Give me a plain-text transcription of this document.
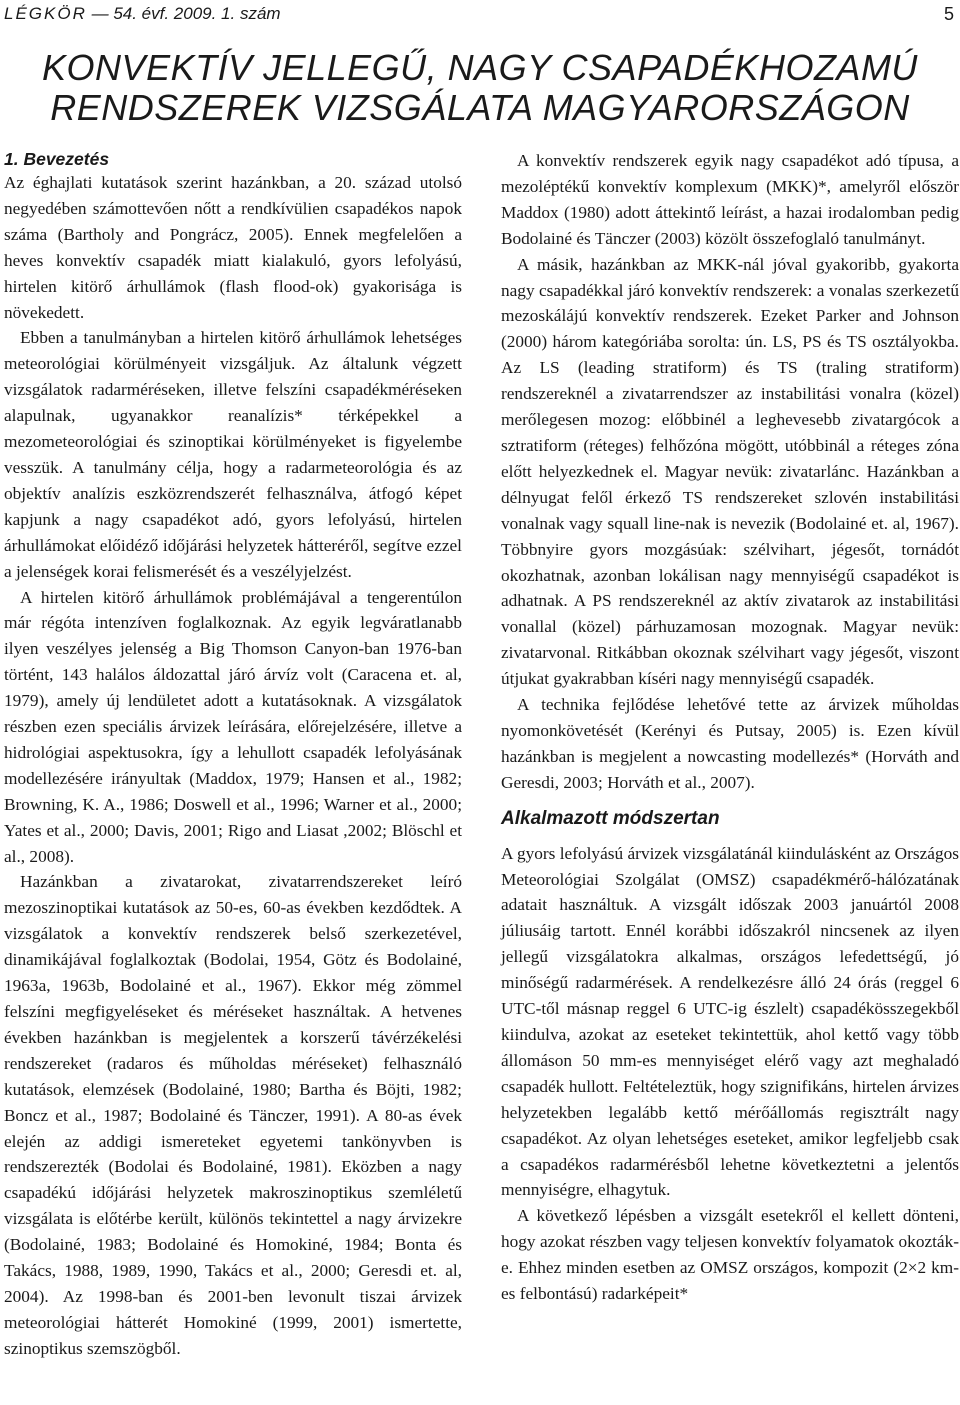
LÉGKÖR — 54. évf. 2009. 1. szám	5
KONVEKTÍV JELLEGŰ, NAGY CSAPADÉKHOZAMÚ
RENDSZEREK VIZSGÁLATA MAGYARORSZÁGON
1. Bevezetés

Az éghajlati kutatások szerint hazánkban, a 20. század utolsó negyedében számottevően nőtt a rendkívülien csapadékos napok száma (Bartholy and Pongrácz, 2005). Ennek megfelelően a heves konvektív csapadék miatt kialakuló, gyors lefolyású, hirtelen kitörő árhullámok (flash flood-ok) gyakorisága is növekedett.

Ebben a tanulmányban a hirtelen kitörő árhullámok lehetséges meteorológiai körülményeit vizsgáljuk. Az általunk végzett vizsgálatok radarméréseken, illetve felszíni csapadékméréseken alapulnak, ugyanakkor reanalízis* térképekkel a mezometeorológiai és szinoptikai körülményeket is figyelembe vesszük. A tanulmány célja, hogy a radarmeteorológia és az objektív analízis eszközrendszerét felhasználva, átfogó képet kapjunk a nagy csapadékot adó, gyors lefolyású, hirtelen árhullámokat előidéző időjárási helyzetek hátteréről, segítve ezzel a jelenségek korai felismerését és a veszélyjelzést.

A hirtelen kitörő árhullámok problémájával a tengerentúlon már régóta intenzíven foglalkoznak. Az egyik legváratlanabb ilyen veszélyes jelenség a Big Thomson Canyon-ban 1976-ban történt, 143 halálos áldozattal járó árvíz volt (Caracena et. al, 1979), amely új lendületet adott a kutatásoknak. A vizsgálatok részben ezen speciális árvizek leírására, előrejelzésére, illetve a hidrológiai aspektusokra, így a lehullott csapadék lefolyásának modellezésére irányultak (Maddox, 1979; Hansen et al., 1982; Browning, K. A., 1986; Doswell et al., 1996; Warner et al., 2000; Yates et al., 2000; Davis, 2001; Rigo and Liasat ,2002; Blöschl et al., 2008).

Hazánkban a zivatarokat, zivatarrendszereket leíró mezoszinoptikai kutatások az 50-es, 60-as években kezdődtek. A vizsgálatok a konvektív rendszerek belső szerkezetével, dinamikájával foglalkoztak (Bodolai, 1954, Götz és Bodolainé, 1963a, 1963b, Bodolainé et al., 1967). Ekkor még zömmel felszíni megfigyeléseket és méréseket használtak. A hetvenes években hazánkban is megjelentek a korszerű távérzékelési rendszereket (radaros és műholdas méréseket) felhasználó kutatások, elemzések (Bodolainé, 1980; Bartha és Böjti, 1982; Boncz et al., 1987; Bodolainé és Tänczer, 1991). A 80-as évek elején az addigi ismereteket egyetemi tankönyvben is rendszerezték (Bodolai és Bodolainé, 1981). Eközben a nagy csapadékú időjárási helyzetek makroszinoptikus szemléletű vizsgálata is előtérbe került, különös tekintettel a nagy árvizekre (Bodolainé, 1983; Bodolainé és Homokiné, 1984; Bonta és Takács, 1988, 1989, 1990, Takács et al., 2000; Geresdi et. al, 2004). Az 1998-ban és 2001-ben levonult tiszai árvizek meteorológiai hátterét Homokiné (1999, 2001) ismertette, szinoptikus szemszögből.

A konvektív rendszerek egyik nagy csapadékot adó típusa, a mezoléptékű konvektív komplexum (MKK)*, amelyről először Maddox (1980) adott áttekintő leírást, a hazai irodalomban pedig Bodolainé és Tänczer (2003) közölt összefoglaló tanulmányt.

A másik, hazánkban az MKK-nál jóval gyakoribb, gyakorta nagy csapadékkal járó konvektív rendszerek: a vonalas szerkezetű mezoskálájú konvektív rendszerek. Ezeket Parker and Johnson (2000) három kategóriába sorolta: ún. LS, PS és TS osztályokba. Az LS (leading stratiform) és TS (traling stratiform) rendszereknél a zivatarrendszer az instabilitási vonalra (közel) merőlegesen mozog: előbbinél a leghevesebb zivatargócok a sztratiform (réteges) felhőzóna mögött, utóbbinál a réteges zóna előtt helyezkednek el. Magyar nevük: zivatarlánc. Hazánkban a délnyugat felől érkező TS rendszereket szlovén instabilitási vonalnak vagy squall line-nak is nevezik (Bodolainé et. al, 1967). Többnyire gyors mozgásúak: szélvihart, jégesőt, tornádót okozhatnak, azonban lokálisan nagy mennyiségű csapadékot is adhatnak. A PS rendszereknél az aktív zivatarok az instabilitási vonallal (közel) párhuzamosan mozognak. Magyar nevük: zivatarvonal. Ritkábban okoznak szélvihart vagy jégesőt, viszont útjukat gyakrabban kíséri nagy mennyiségű csapadék.

A technika fejlődése lehetővé tette az árvizek műholdas nyomonkövetését (Kerényi és Putsay, 2005) is. Ezen kívül hazánkban is megjelent a nowcasting modellezés* (Horváth and Geresdi, 2003; Horváth et al., 2007).

Alkalmazott módszertan

A gyors lefolyású árvizek vizsgálatánál kiindulásként az Országos Meteorológiai Szolgálat (OMSZ) csapadékmérő-hálózatának adatait használtuk. A vizsgált időszak 2003 januártól 2008 júliusáig tartott. Ennél korábbi időszakról nincsenek az ilyen jellegű vizsgálatokra alkalmas, országos lefedettségű, jó minőségű radarmérések. A rendelkezésre álló 24 órás (reggel 6 UTC-től másnap reggel 6 UTC-ig észlelt) csapadékösszegekből kiindulva, azokat az eseteket tekintettük, ahol kettő vagy több állomáson 50 mm-es mennyiséget elérő vagy azt meghaladó csapadék hullott. Feltételeztük, hogy szignifikáns, hirtelen árvizes helyzetekben legalább kettő mérőállomás regisztrált nagy csapadékot. Az olyan lehetséges eseteket, amikor legfeljebb csak a csapadékos radarmérésből lehetne következtetni a jelentős mennyiségre, elhagytuk.

A következő lépésben a vizsgált esetekről el kellett dönteni, hogy azokat részben vagy teljesen konvektív folyamatok okozták-e. Ehhez minden esetben az OMSZ országos, kompozit (2×2 km-es felbontású) radarképeit*
